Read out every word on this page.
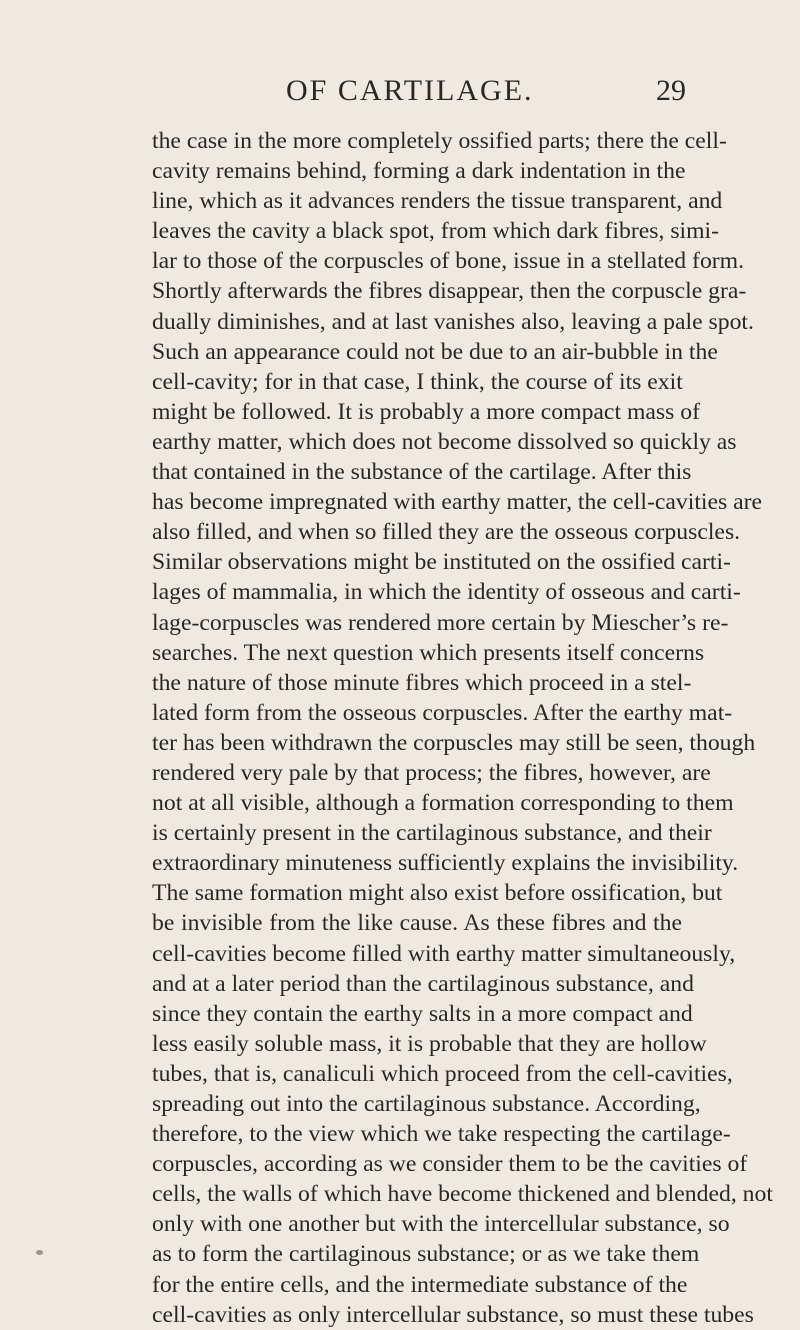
OF CARTILAGE.	29
the case in the more completely ossified parts; there the cell-
cavity remains behind, forming a dark indentation in the
line, which as it advances renders the tissue transparent, and
leaves the cavity a black spot, from which dark fibres, simi-
lar to those of the corpuscles of bone, issue in a stellated form.
Shortly afterwards the fibres disappear, then the corpuscle gra-
dually diminishes, and at last vanishes also, leaving a pale spot.
Such an appearance could not be due to an air-bubble in the
cell-cavity; for in that case, I think, the course of its exit
might be followed. It is probably a more compact mass of
earthy matter, which does not become dissolved so quickly as
that contained in the substance of the cartilage. After this
has become impregnated with earthy matter, the cell-cavities are
also filled, and when so filled they are the osseous corpuscles.
Similar observations might be instituted on the ossified carti-
lages of mammalia, in which the identity of osseous and carti-
lage-corpuscles was rendered more certain by Miescher’s re-
searches. The next question which presents itself concerns
the nature of those minute fibres which proceed in a stel-
lated form from the osseous corpuscles. After the earthy mat-
ter has been withdrawn the corpuscles may still be seen, though
rendered very pale by that process; the fibres, however, are
not at all visible, although a formation corresponding to them
is certainly present in the cartilaginous substance, and their
extraordinary minuteness sufficiently explains the invisibility.
The same formation might also exist before ossification, but
be invisible from the like cause. As these fibres and the
cell-cavities become filled with earthy matter simultaneously,
and at a later period than the cartilaginous substance, and
since they contain the earthy salts in a more compact and
less easily soluble mass, it is probable that they are hollow
tubes, that is, canaliculi which proceed from the cell-cavities,
spreading out into the cartilaginous substance. According,
therefore, to the view which we take respecting the cartilage-
corpuscles, according as we consider them to be the cavities of
cells, the walls of which have become thickened and blended, not
only with one another but with the intercellular substance, so
as to form the cartilaginous substance; or as we take them
for the entire cells, and the intermediate substance of the
cell-cavities as only intercellular substance, so must these tubes
